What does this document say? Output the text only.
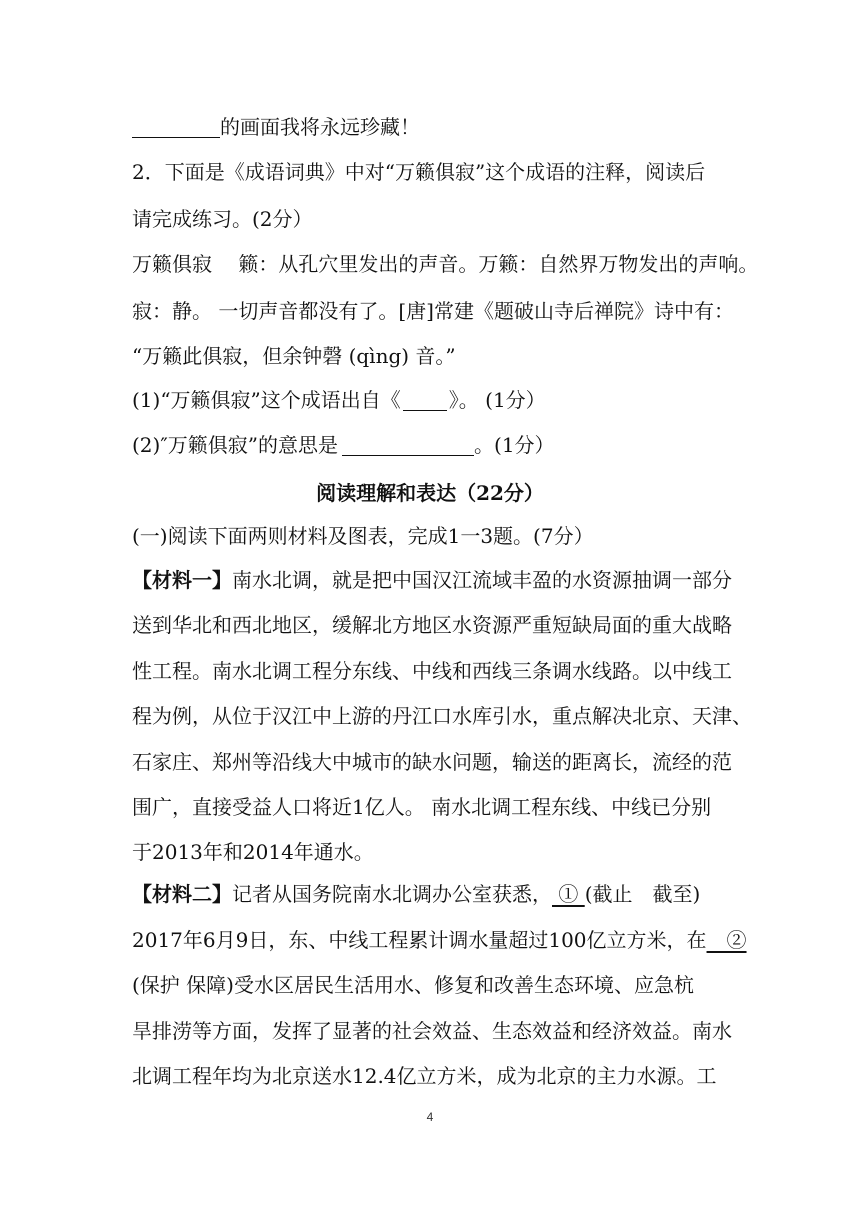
的画面我将永远珍藏！
2．下面是《成语词典》中对“万籁俱寂”这个成语的注释，阅读后
请完成练习。(2分）
万籁俱寂　 籁：从孔穴里发出的声音。万籁：自然界万物发出的声响。
寂：静。 一切声音都没有了。[唐]常建《题破山寺后禅院》诗中有：
“万籁此俱寂，但余钟磬 (qìng) 音。”
(1)“万籁俱寂”这个成语出自《 》。 (1分）
(2)″万籁俱寂”的意思是	。(1分）
阅读理解和表达（22分）
(一)阅读下面两则材料及图表，完成1一3题。(7分）
【材料一】南水北调，就是把中国汉江流域丰盈的水资源抽调一部分
送到华北和西北地区，缓解北方地区水资源严重短缺局面的重大战略
性工程。南水北调工程分东线、中线和西线三条调水线路。以中线工
程为例，从位于汉江中上游的丹江口水库引水，重点解决北京、天津、
石家庄、郑州等沿线大中城市的缺水问题，输送的距离长，流经的范
围广，直接受益人口将近1亿人。 南水北调工程东线、中线已分别
于2013年和2014年通水。
【材料二】记者从国务院南水北调办公室获悉， ① (截止　截至)
2017年6月9日，东、中线工程累计调水量超过100亿立方米，在　②
(保护 保障)受水区居民生活用水、修复和改善生态环境、应急杭
旱排涝等方面，发挥了显著的社会效益、生态效益和经济效益。南水
北调工程年均为北京送水12.4亿立方米，成为北京的主力水源。工
4
